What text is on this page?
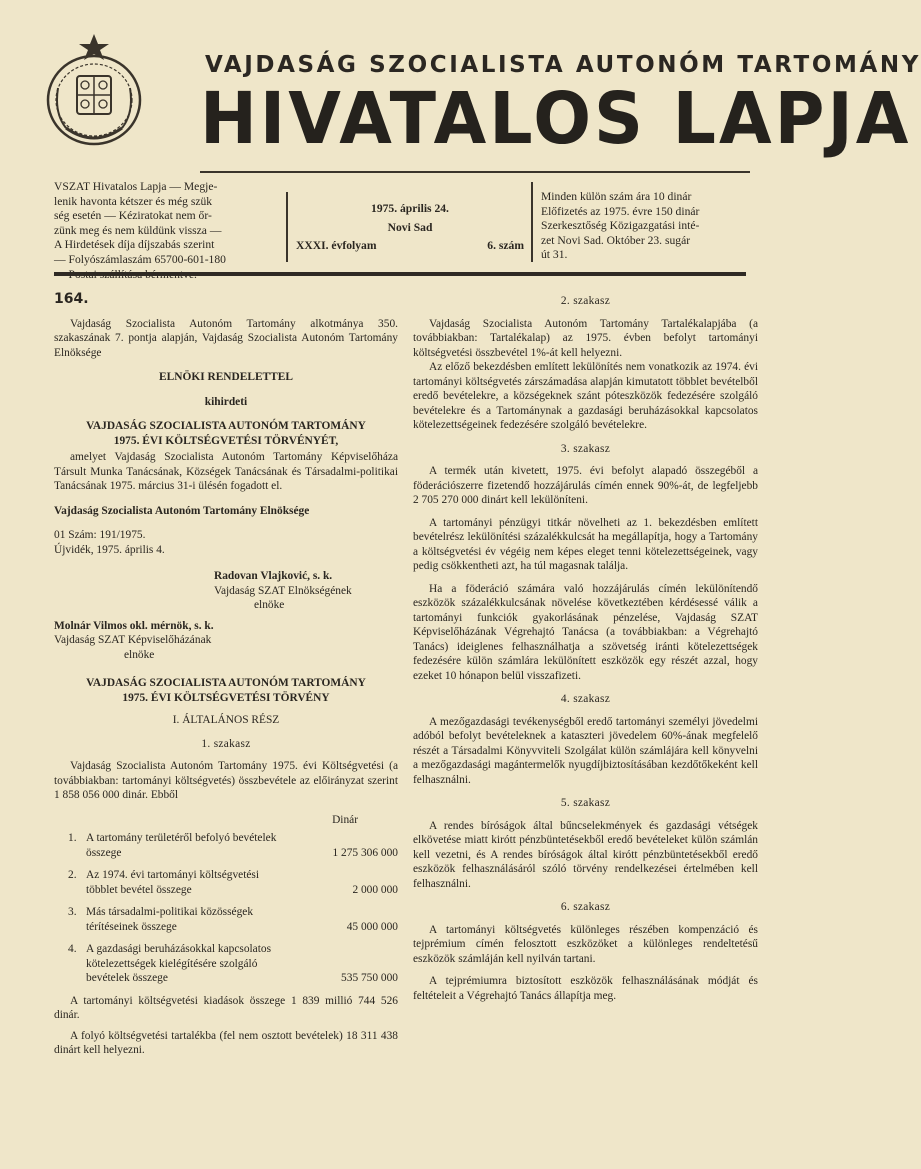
VAJDASÁG SZOCIALISTA AUTONÓM TARTOMÁNY
HIVATALOS LAPJA
VSZAT Hivatalos Lapja — Megje-
lenik havonta kétszer és még szük
ség esetén — Kéziratokat nem őr-
zünk meg és nem küldünk vissza —
A Hirdetések díja díjszabás szerint
— Folyószámlaszám 65700-601-180
1975. április 24.
Novi Sad
XXXI. évfolyam	6. szám
Minden külön szám ára 10 dinár
Előfizetés az 1975. évre 150 dinár
Szerkesztőség Közigazgatási inté-
zet Novi Sad. Október 23. sugár
út 31.
164.

Vajdaság Szocialista Autonóm Tartomány alkotmánya 350. szakaszának 7. pontja alapján, Vajdaság Szocialista Autonóm Tartomány Elnöksége

ELNÖKI RENDELETTEL

kihirdeti

VAJDASÁG SZOCIALISTA AUTONÓM TARTOMÁNY 1975. ÉVI KÖLTSÉGVETÉSI TÖRVÉNYÉT,

amelyet Vajdaság Szocialista Autonóm Tartomány Képviselőháza Társult Munka Tanácsának, Községek Tanácsának és Társadalmi-politikai Tanácsának 1975. március 31-i ülésén fogadott el.

Vajdaság Szocialista Autonóm Tartomány Elnöksége

01 Szám: 191/1975.

Újvidék, 1975. április 4.

Radovan Vlajković, s. k.

Vajdaság SZAT Elnökségének

elnöke

Molnár Vilmos okl. mérnök, s. k.

Vajdaság SZAT Képviselőházának

elnöke

VAJDASÁG SZOCIALISTA AUTONÓM TARTOMÁNY 1975. ÉVI KÖLTSÉGVETÉSI TÖRVÉNY

I. ÁLTALÁNOS RÉSZ

1. szakasz

Vajdaság Szocialista Autonóm Tartomány 1975. évi Költségvetési (a továbbiakban: tartományi költségvetés) összbevétele az előirányzat szerint 1 858 056 000 dinár. Ebből

Dinár

1. A tartomány területéről befolyó bevételek összege	1 275 306 000
2. Az 1974. évi tartományi költségvetési többlet bevétel összege	2 000 000
3. Más társadalmi-politikai közösségek térítéseinek összege	45 000 000
4. A gazdasági beruházásokkal kapcsolatos kötelezettségek kielégítésére szolgáló bevételek összege	535 750 000

A tartományi költségvetési kiadások összege 1 839 millió 744 526 dinár.

A folyó költségvetési tartalékba (fel nem osztott bevételek) 18 311 438 dinárt kell helyezni.

2. szakasz

Vajdaság Szocialista Autonóm Tartomány Tartalékalapjába (a továbbiakban: Tartalékalap) az 1975. évben befolyt tartományi költségvetési összbevétel 1%-át kell helyezni.

Az előző bekezdésben említett lekülönítés nem vonatkozik az 1974. évi tartományi költségvetés zárszámadása alapján kimutatott többlet bevételből eredő bevételekre, a községeknek szánt póteszközök fedezésére szolgáló bevételekre és a Tartománynak a gazdasági beruházásokkal kapcsolatos kötelezettségeinek fedezésére szolgáló bevételekre.

3. szakasz

A termék után kivetett, 1975. évi befolyt alapadó összegéből a föderációszerre fizetendő hozzájárulás címén ennek 90%-át, de legfeljebb 2 705 270 000 dinárt kell lekülöníteni.

A tartományi pénzügyi titkár növelheti az 1. bekezdésben említett bevételrész lekülönítési százalékkulcsát ha megállapítja, hogy a Tartomány a költségvetési év végéig nem képes eleget tenni kötelezettségeinek, vagy pedig csökkentheti azt, ha túl magasnak találja.

Ha a föderáció számára való hozzájárulás címén lekülönítendő eszközök százalékkulcsának növelése következtében kérdésessé válik a tartományi funkciók gyakorlásának pénzelése, Vajdaság SZAT Képviselőházának Végrehajtó Tanácsa (a továbbiakban: a Végrehajtó Tanács) ideiglenes felhasználhatja a szövetség iránti kötelezettségek fedezésére külön számlára lekülönített eszközök egy részét azzal, hogy ezeket 10 hónapon belül visszafizeti.

4. szakasz

A mezőgazdasági tevékenységből eredő tartományi személyi jövedelmi adóból befolyt bevételeknek a kataszteri jövedelem 60%-ának megfelelő részét a Társadalmi Könyvviteli Szolgálat külön számlájára kell könyvelni a mezőgazdasági magántermelők nyugdíjbiztosításában kezdőtőkeként kell felhasználni.

5. szakasz

A rendes bíróságok által bűncselekmények és gazdasági vétségek elkövetése miatt kirótt pénzbüntetésekből eredő bevételeket külön számlán kell vezetni, és A rendes bíróságok által kirótt pénzbüntetésekből eredő eszközök felhasználásáról szóló törvény rendelkezései értelmében kell felhasználni.

6. szakasz

A tartományi költségvetés különleges részében kompenzáció és tejprémium címén felosztott eszközöket a különleges rendeltetésű eszközök számláján kell nyilván tartani.

A tejprémiumra biztosított eszközök felhasználásának módját és feltételeit a Végrehajtó Tanács állapítja meg.
